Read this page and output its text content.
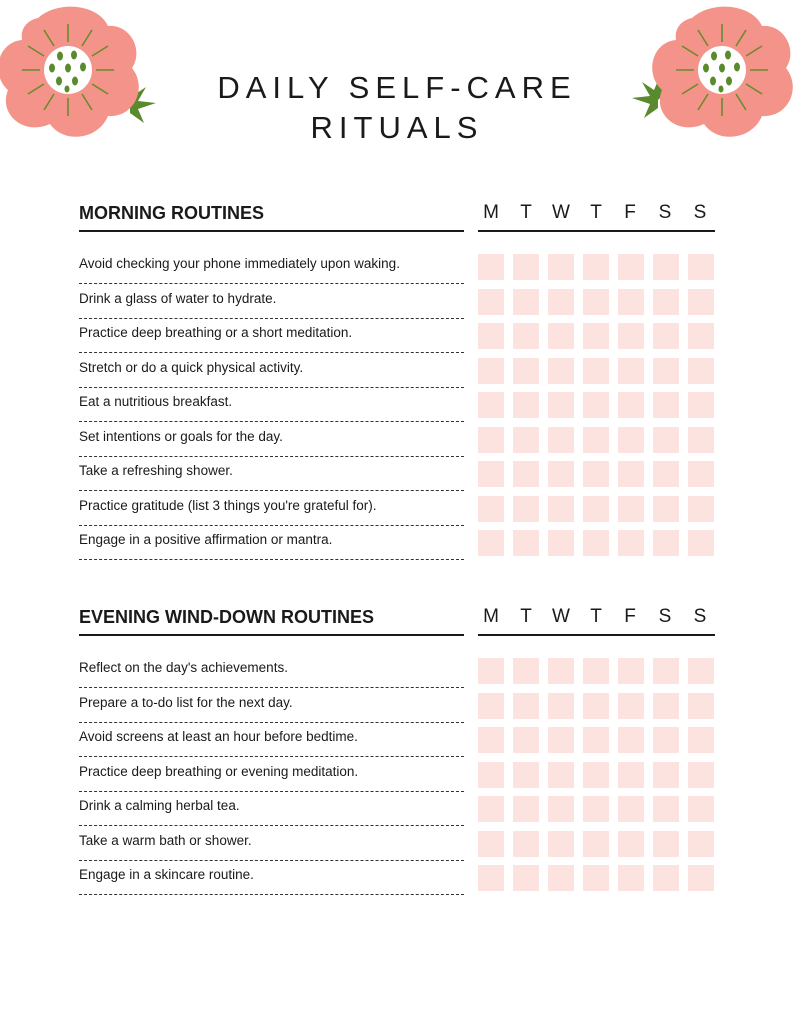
DAILY SELF-CARE
RITUALS
MORNING ROUTINES	M	T	W	T	F	S	S
Avoid checking your phone immediately upon waking.
Drink a glass of water to hydrate.
Practice deep breathing or a short meditation.
Stretch or do a quick physical activity.
Eat a nutritious breakfast.
Set intentions or goals for the day.
Take a refreshing shower.
Practice gratitude (list 3 things you're grateful for).
Engage in a positive affirmation or mantra.
EVENING WIND-DOWN ROUTINES	M	T	W	T	F	S	S
Reflect on the day's achievements.
Prepare a to-do list for the next day.
Avoid screens at least an hour before bedtime.
Practice deep breathing or evening meditation.
Drink a calming herbal tea.
Take a warm bath or shower.
Engage in a skincare routine.
